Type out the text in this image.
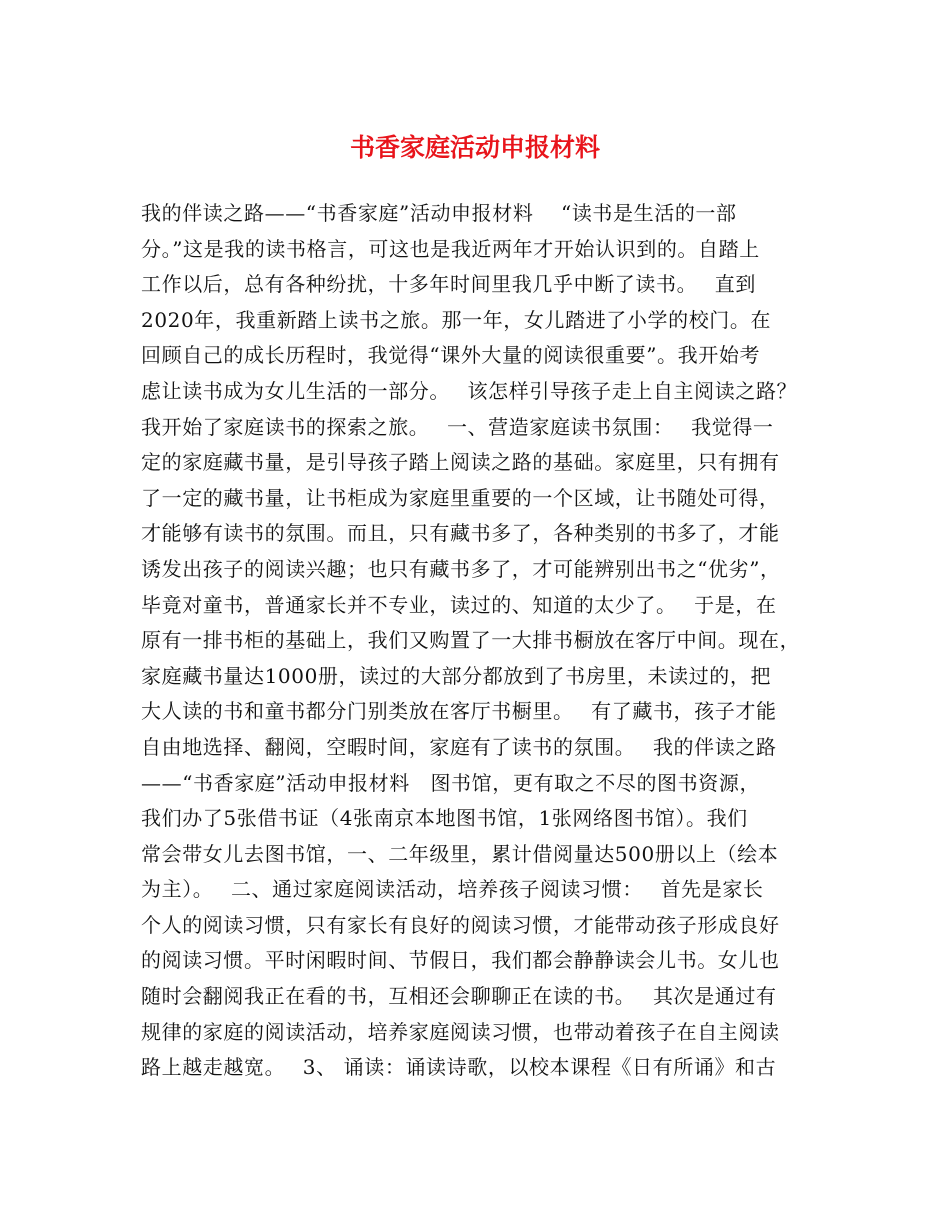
书香家庭活动申报材料
我的伴读之路——“书香家庭”活动申报材料　 “读书是生活的一部
分。”这是我的读书格言，可这也是我近两年才开始认识到的。自踏上
工作以后，总有各种纷扰，十多年时间里我几乎中断了读书。　 直到
2020年，我重新踏上读书之旅。那一年，女儿踏进了小学的校门。在
回顾自己的成长历程时，我觉得“课外大量的阅读很重要”。我开始考
虑让读书成为女儿生活的一部分。　 该怎样引导孩子走上自主阅读之路？
我开始了家庭读书的探索之旅。　 一、营造家庭读书氛围：　 我觉得一
定的家庭藏书量，是引导孩子踏上阅读之路的基础。家庭里，只有拥有
了一定的藏书量，让书柜成为家庭里重要的一个区域，让书随处可得，
才能够有读书的氛围。而且，只有藏书多了，各种类别的书多了，才能
诱发出孩子的阅读兴趣；也只有藏书多了，才可能辨别出书之“优劣”，
毕竟对童书，普通家长并不专业，读过的、知道的太少了。　 于是，在
原有一排书柜的基础上，我们又购置了一大排书橱放在客厅中间。现在，
家庭藏书量达1000册，读过的大部分都放到了书房里，未读过的，把
大人读的书和童书都分门别类放在客厅书橱里。　 有了藏书，孩子才能
自由地选择、翻阅，空暇时间，家庭有了读书的氛围。　 我的伴读之路
——“书香家庭”活动申报材料　图书馆，更有取之不尽的图书资源，
我们办了5张借书证（4张南京本地图书馆，1张网络图书馆）。我们
常会带女儿去图书馆，一、二年级里，累计借阅量达500册以上（绘本
为主）。　 二、通过家庭阅读活动，培养孩子阅读习惯：　 首先是家长
个人的阅读习惯，只有家长有良好的阅读习惯，才能带动孩子形成良好
的阅读习惯。平时闲暇时间、节假日，我们都会静静读会儿书。女儿也
随时会翻阅我正在看的书，互相还会聊聊正在读的书。　 其次是通过有
规律的家庭的阅读活动，培养家庭阅读习惯，也带动着孩子在自主阅读
路上越走越宽。　 3、 诵读：诵读诗歌，以校本课程《日有所诵》和古
